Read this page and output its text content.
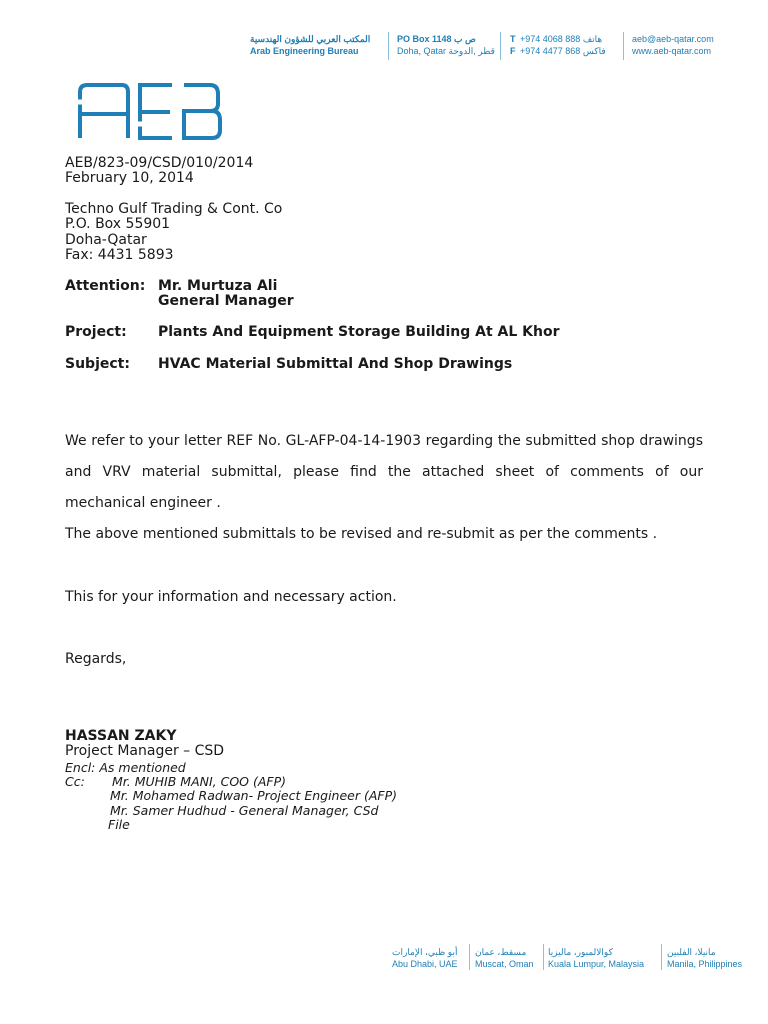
المكتب العربي للشؤون الهندسية
Arab Engineering Bureau
PO Box 1148 ص ب
Doha, Qatar قطر ,الدوحة
T +974 4068 888 هاتف
F +974 4477 868 فاكس
aeb@aeb-qatar.com
www.aeb-qatar.com
AEB/823-09/CSD/010/2014
February 10, 2014
Techno Gulf Trading & Cont. Co
P.O. Box 55901
Doha-Qatar
Fax: 4431 5893
Attention: Mr. Murtuza Ali
General Manager
Project: Plants And Equipment Storage Building At AL Khor
Subject: HVAC Material Submittal And Shop Drawings
We refer to your letter REF No. GL-AFP-04-14-1903 regarding the submitted shop drawings and VRV material submittal, please find the attached sheet of comments of our mechanical engineer .
The above mentioned submittals to be revised and re-submit as per the comments .
This for your information and necessary action.
Regards,
HASSAN ZAKY
Project Manager – CSD
Encl: As mentioned
Cc: Mr. MUHIB MANI, COO (AFP)
Mr. Mohamed Radwan- Project Engineer (AFP)
Mr. Samer Hudhud - General Manager, CSd
File
أبو ظبي، الإمارات
Abu Dhabi, UAE
مسقط، عمان
Muscat, Oman
كوالالمبور، ماليزيا
Kuala Lumpur, Malaysia
مانيلا، الفلبين
Manila, Philippines
